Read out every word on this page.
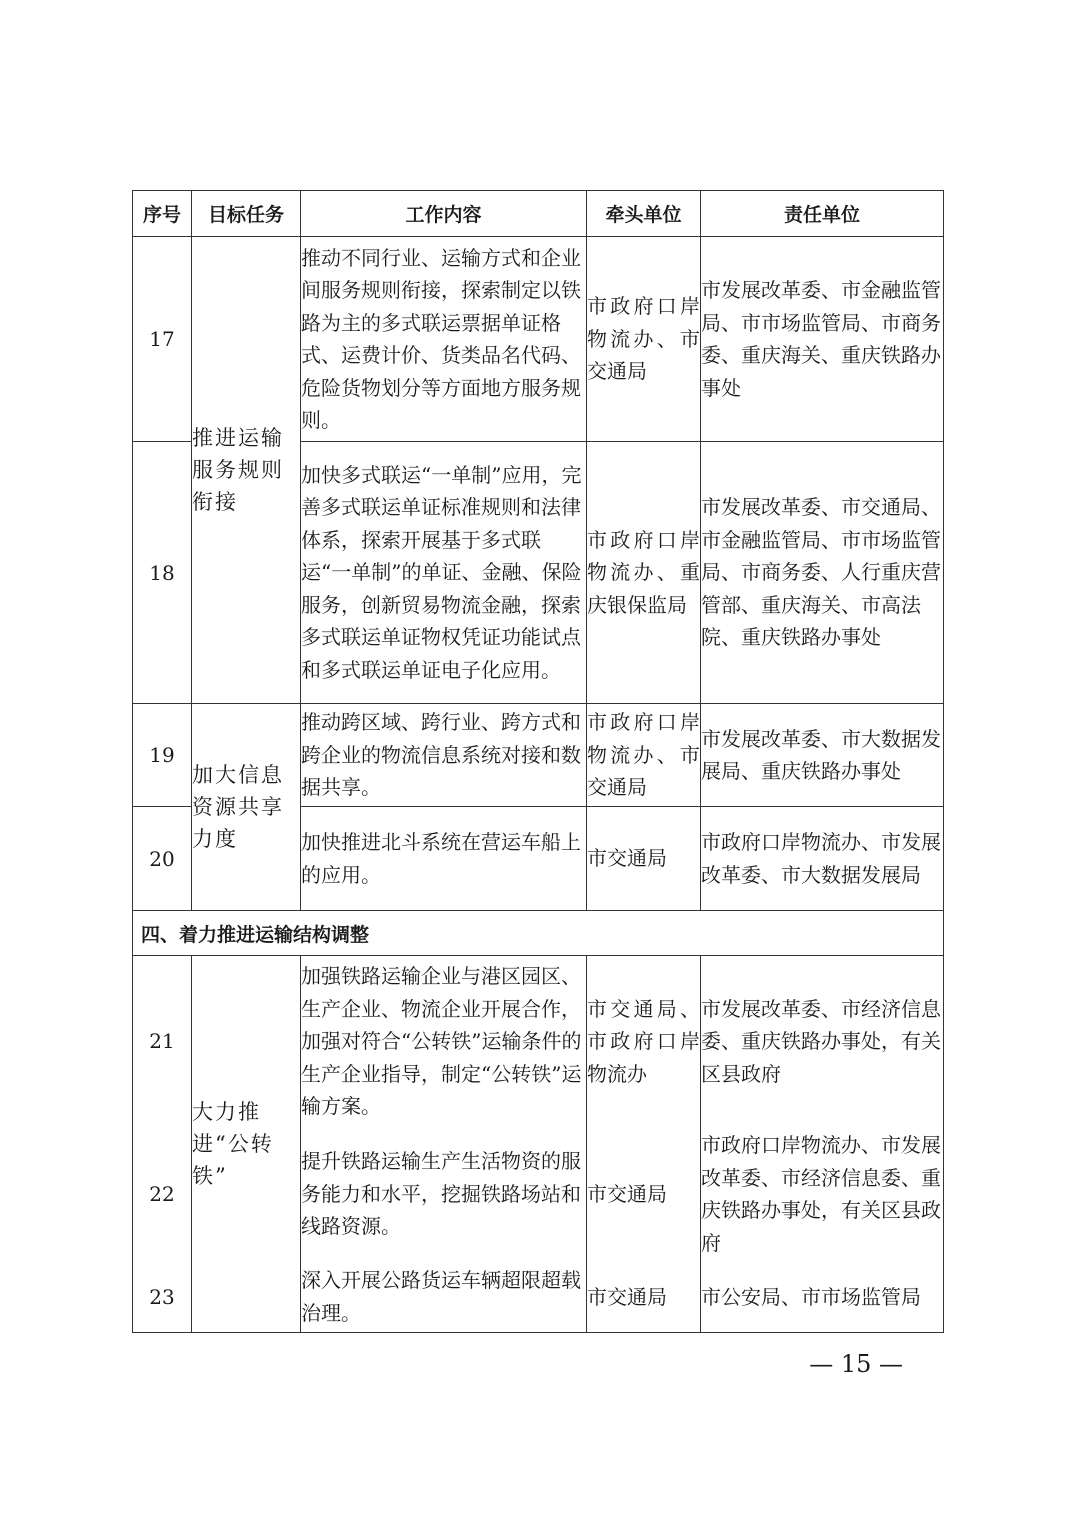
序号	目标任务	工作内容	牵头单位	责任单位
17	推进运输服务规则衔接	推动不同行业、运输方式和企业间服务规则衔接，探索制定以铁路为主的多式联运票据单证格式、运费计价、货类品名代码、危险货物划分等方面地方服务规则。	市政府口岸物流办、市交通局	市发展改革委、市金融监管局、市市场监管局、市商务委、重庆海关、重庆铁路办事处
18		加快多式联运“一单制”应用，完善多式联运单证标准规则和法律体系，探索开展基于多式联运“一单制”的单证、金融、保险服务，创新贸易物流金融，探索多式联运单证物权凭证功能试点和多式联运单证电子化应用。	市政府口岸物流办、重庆银保监局	市发展改革委、市交通局、市金融监管局、市市场监管局、市商务委、人行重庆营管部、重庆海关、市高法院、重庆铁路办事处
19	加大信息资源共享力度	推动跨区域、跨行业、跨方式和跨企业的物流信息系统对接和数据共享。	市政府口岸物流办、市交通局	市发展改革委、市大数据发展局、重庆铁路办事处
20		加快推进北斗系统在营运车船上的应用。	市交通局	市政府口岸物流办、市发展改革委、市大数据发展局
四、着力推进运输结构调整				
21	大力推进“公转铁”	加强铁路运输企业与港区园区、生产企业、物流企业开展合作，加强对符合“公转铁”运输条件的生产企业指导，制定“公转铁”运输方案。	市交通局、市政府口岸物流办	市发展改革委、市经济信息委、重庆铁路办事处，有关区县政府
22		提升铁路运输生产生活物资的服务能力和水平，挖掘铁路场站和线路资源。	市交通局	市政府口岸物流办、市发展改革委、市经济信息委、重庆铁路办事处，有关区县政府
23		深入开展公路货运车辆超限超载治理。	市交通局	市公安局、市市场监管局
— 15 —
